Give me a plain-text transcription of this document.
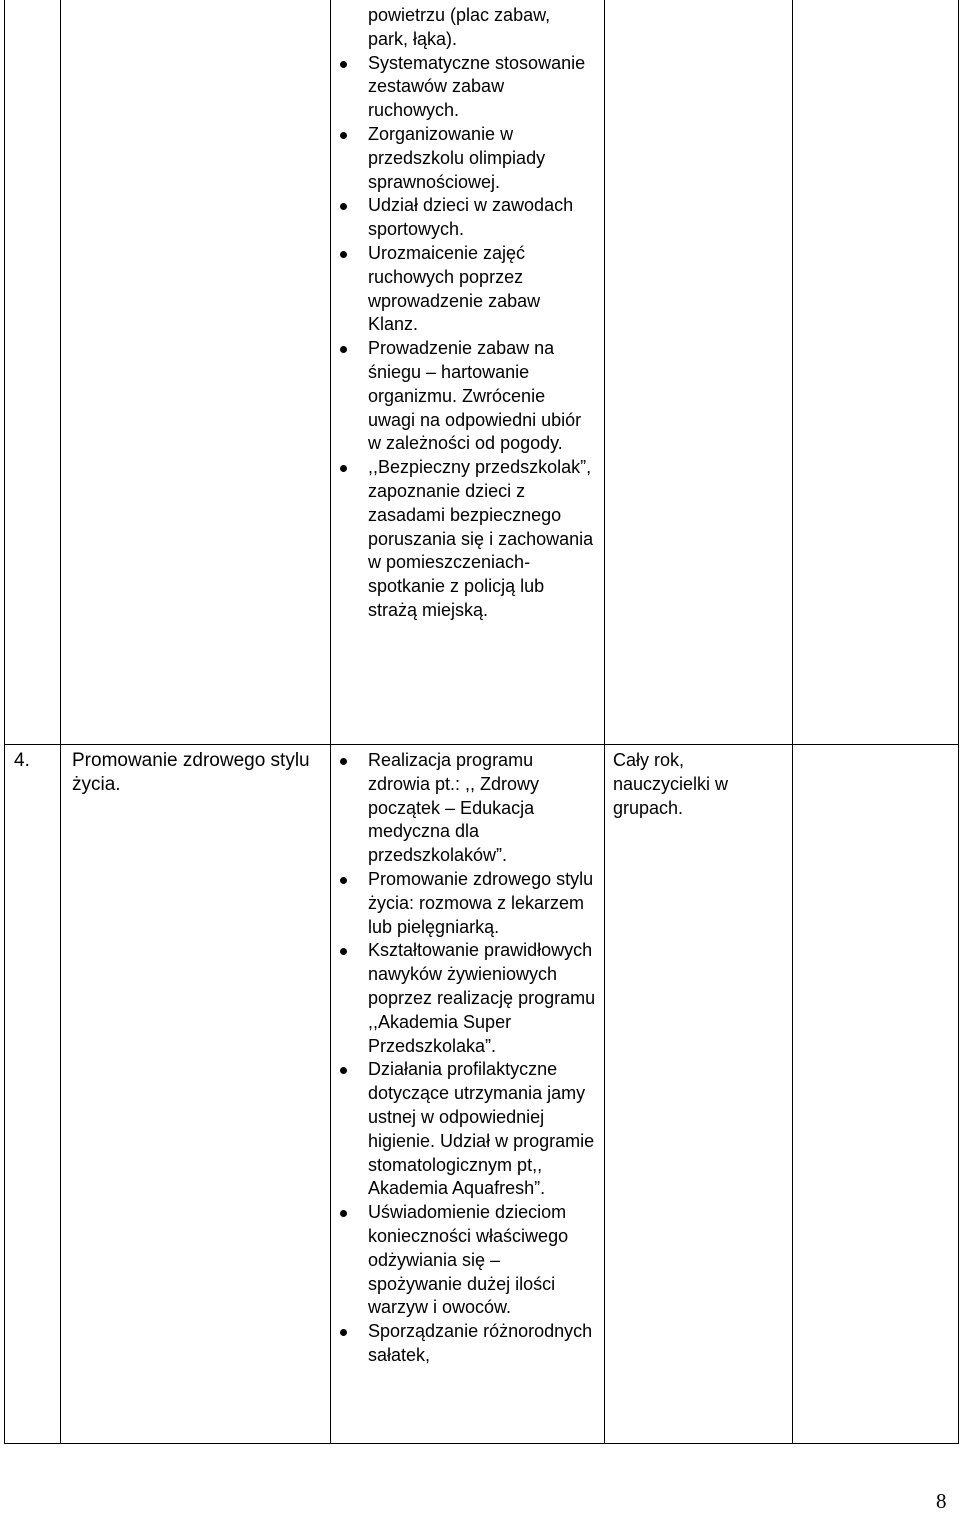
powietrzu (plac zabaw, park, łąka).
Systematyczne stosowanie zestawów zabaw ruchowych.
Zorganizowanie w przedszkolu olimpiady sprawnościowej.
Udział dzieci w zawodach sportowych.
Urozmaicenie zajęć ruchowych poprzez wprowadzenie zabaw Klanz.
Prowadzenie zabaw na śniegu – hartowanie organizmu. Zwrócenie uwagi na odpowiedni ubiór w zależności od pogody.
,,Bezpieczny przedszkolak”, zapoznanie dzieci z zasadami bezpiecznego poruszania się i zachowania w pomieszczeniach- spotkanie z policją lub strażą miejską.
4.	Promowanie zdrowego stylu życia.
Realizacja programu zdrowia pt.: ,, Zdrowy początek – Edukacja medyczna dla przedszkolaków”.
Promowanie zdrowego stylu życia: rozmowa z lekarzem lub pielęgniarką.
Kształtowanie prawidłowych nawyków żywieniowych poprzez realizację programu ,,Akademia Super Przedszkolaka”.
Działania profilaktyczne dotyczące utrzymania jamy ustnej w odpowiedniej higienie. Udział w programie stomatologicznym pt,, Akademia Aquafresh”.
Uświadomienie dzieciom konieczności właściwego odżywiania się – spożywanie dużej ilości warzyw i owoców.
Sporządzanie różnorodnych sałatek,
Cały rok, nauczycielki w grupach.
8
